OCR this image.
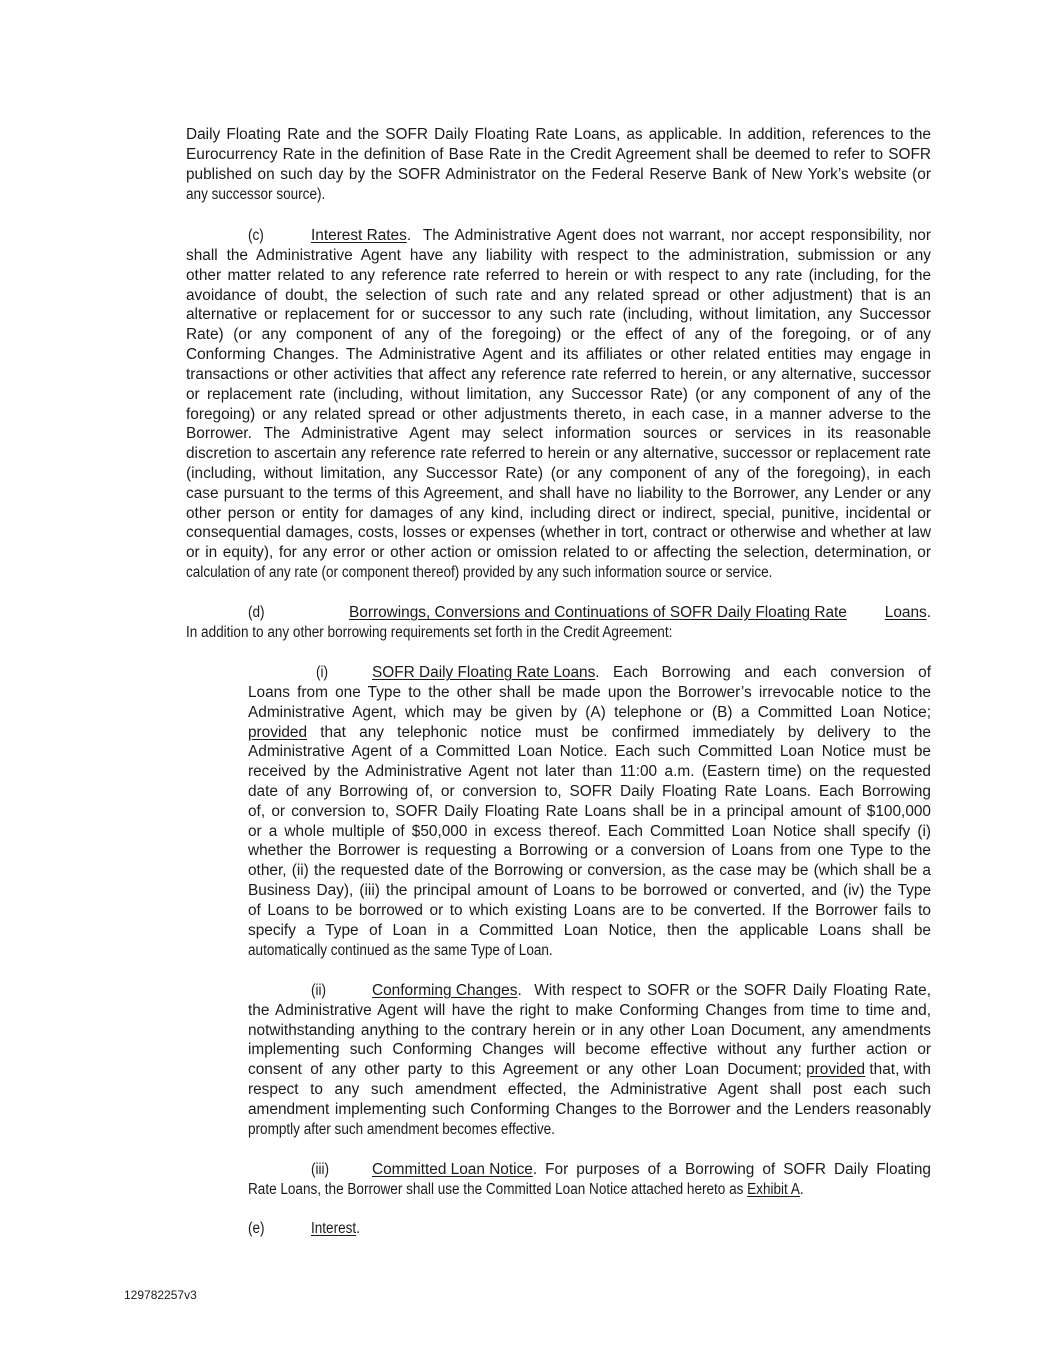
Daily Floating Rate and the SOFR Daily Floating Rate Loans, as applicable. In addition, references to the
Eurocurrency Rate in the definition of Base Rate in the Credit Agreement shall be deemed to refer to SOFR
published on such day by the SOFR Administrator on the Federal Reserve Bank of New York’s website (or
any successor source).
(c)	Interest Rates .  The Administrative Agent does not warrant, nor accept responsibility, nor
shall the Administrative Agent have any liability with respect to the administration, submission or any
other matter related to any reference rate referred to herein or with respect to any rate (including, for the
avoidance of doubt, the selection of such rate and any related spread or other adjustment) that is an
alternative or replacement for or successor to any such rate (including, without limitation, any Successor
Rate) (or any component of any of the foregoing) or the effect of any of the foregoing, or of any
Conforming Changes. The Administrative Agent and its affiliates or other related entities may engage in
transactions or other activities that affect any reference rate referred to herein, or any alternative, successor
or replacement rate (including, without limitation, any Successor Rate) (or any component of any of the
foregoing) or any related spread or other adjustments thereto, in each case, in a manner adverse to the
Borrower. The Administrative Agent may select information sources or services in its reasonable
discretion to ascertain any reference rate referred to herein or any alternative, successor or replacement rate
(including, without limitation, any Successor Rate) (or any component of any of the foregoing), in each
case pursuant to the terms of this Agreement, and shall have no liability to the Borrower, any Lender or any
other person or entity for damages of any kind, including direct or indirect, special, punitive, incidental or
consequential damages, costs, losses or expenses (whether in tort, contract or otherwise and whether at law
or in equity), for any error or other action or omission related to or affecting the selection, determination, or
calculation of any rate (or component thereof) provided by any such information source or service.
(d)	Borrowings, Conversions and Continuations of SOFR Daily Floating Rate Loans.
In addition to any other borrowing requirements set forth in the Credit Agreement:
(i)	SOFR Daily Floating Rate Loans . Each Borrowing and each conversion of
Loans from one Type to the other shall be made upon the Borrower’s irrevocable notice to the
Administrative Agent, which may be given by (A) telephone or (B) a Committed Loan Notice;
provided that any telephonic notice must be confirmed immediately by delivery to the
Administrative Agent of a Committed Loan Notice. Each such Committed Loan Notice must be
received by the Administrative Agent not later than 11:00 a.m. (Eastern time) on the requested
date of any Borrowing of, or conversion to, SOFR Daily Floating Rate Loans. Each Borrowing
of, or conversion to, SOFR Daily Floating Rate Loans shall be in a principal amount of $100,000
or a whole multiple of $50,000 in excess thereof. Each Committed Loan Notice shall specify (i)
whether the Borrower is requesting a Borrowing or a conversion of Loans from one Type to the
other, (ii) the requested date of the Borrowing or conversion, as the case may be (which shall be a
Business Day), (iii) the principal amount of Loans to be borrowed or converted, and (iv) the Type
of Loans to be borrowed or to which existing Loans are to be converted. If the Borrower fails to
specify a Type of Loan in a Committed Loan Notice, then the applicable Loans shall be
automatically continued as the same Type of Loan.
(ii)	Conforming Changes .  With respect to SOFR or the SOFR Daily Floating Rate,
the Administrative Agent will have the right to make Conforming Changes from time to time and,
notwithstanding anything to the contrary herein or in any other Loan Document, any amendments
implementing such Conforming Changes will become effective without any further action or
consent of any other party to this Agreement or any other Loan Document; provided that, with
respect to any such amendment effected, the Administrative Agent shall post each such
amendment implementing such Conforming Changes to the Borrower and the Lenders reasonably
promptly after such amendment becomes effective.
(iii)	Committed Loan Notice . For purposes of a Borrowing of SOFR Daily Floating
Rate Loans, the Borrower shall use the Committed Loan Notice attached hereto as Exhibit A.
(e)	Interest.
129782257v3
